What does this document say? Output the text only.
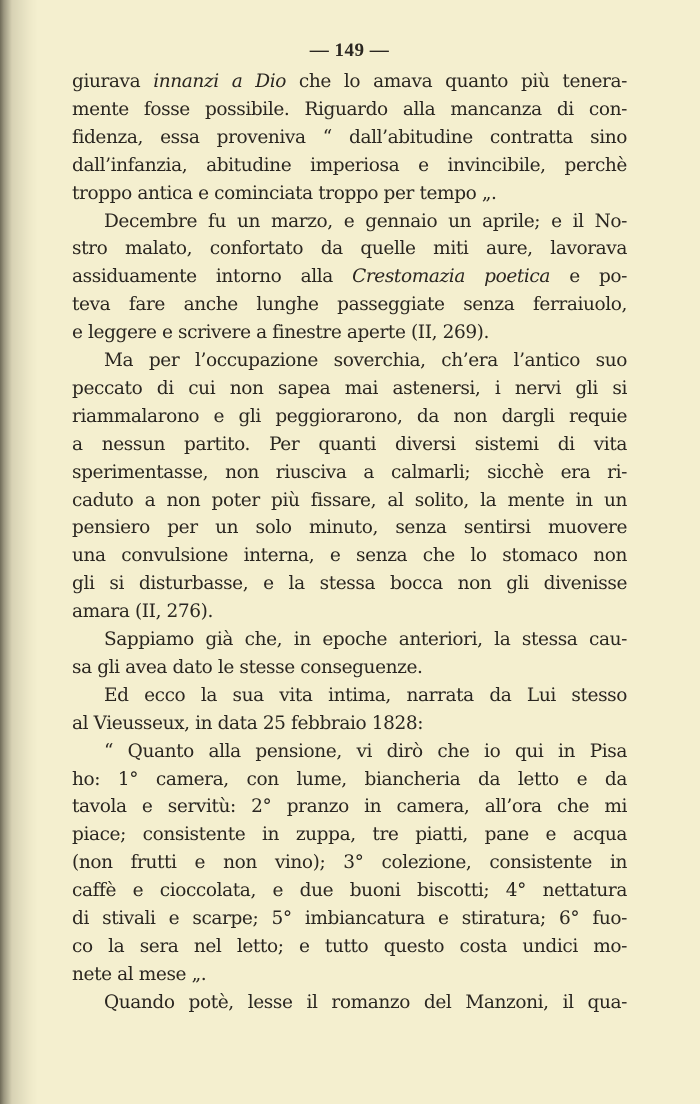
— 149 —
giurava innanzi a Dio che lo amava quanto più tenera-
mente fosse possibile. Riguardo alla mancanza di con-
fidenza, essa proveniva “ dall’abitudine contratta sino
dall’infanzia, abitudine imperiosa e invincibile, perchè
troppo antica e cominciata troppo per tempo „.
Decembre fu un marzo, e gennaio un aprile; e il No-
stro malato, confortato da quelle miti aure, lavorava
assiduamente intorno alla Crestomazia poetica e po-
teva fare anche lunghe passeggiate senza ferraiuolo,
e leggere e scrivere a finestre aperte (II, 269).
Ma per l’occupazione soverchia, ch’era l’antico suo
peccato di cui non sapea mai astenersi, i nervi gli si
riammalarono e gli peggiorarono, da non dargli requie
a nessun partito. Per quanti diversi sistemi di vita
sperimentasse, non riusciva a calmarli; sicchè era ri-
caduto a non poter più fissare, al solito, la mente in un
pensiero per un solo minuto, senza sentirsi muovere
una convulsione interna, e senza che lo stomaco non
gli si disturbasse, e la stessa bocca non gli divenisse
amara (II, 276).
Sappiamo già che, in epoche anteriori, la stessa cau-
sa gli avea dato le stesse conseguenze.
Ed ecco la sua vita intima, narrata da Lui stesso
al Vieusseux, in data 25 febbraio 1828:
“ Quanto alla pensione, vi dirò che io qui in Pisa
ho: 1° camera, con lume, biancheria da letto e da
tavola e servitù: 2° pranzo in camera, all’ora che mi
piace; consistente in zuppa, tre piatti, pane e acqua
(non frutti e non vino); 3° colezione, consistente in
caffè e cioccolata, e due buoni biscotti; 4° nettatura
di stivali e scarpe; 5° imbiancatura e stiratura; 6° fuo-
co la sera nel letto; e tutto questo costa undici mo-
nete al mese „.
Quando potè, lesse il romanzo del Manzoni, il qua-
